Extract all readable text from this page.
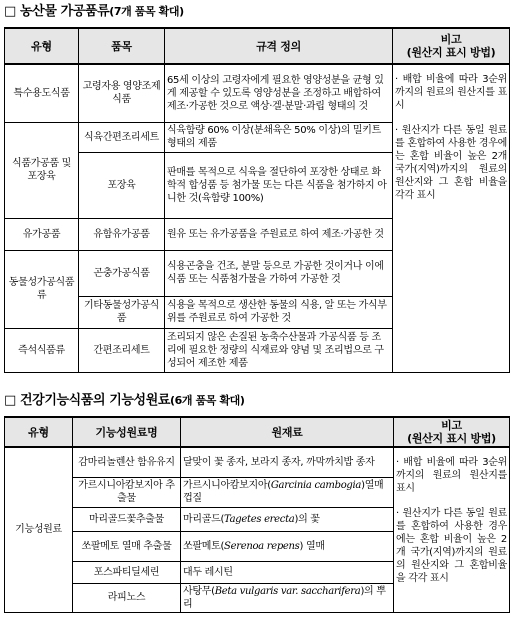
□ 농산물 가공품류(7개 품목 확대)
유형	품목	규격 정의	비고
(원산지 표시 방법)

특수용도식품	고령자용 영양조제식품	65세 이상의 고령자에게 필요한 영양성분을 균형 있게 제공할 수 있도록 영양성분을 조정하고 배합하여 제조·가공한 것으로 액상·겔·분말·과립 형태의 것	· 배합 비율에 따라 3순위까지의 원료의 원산지를 표시

· 원산지가 다른 동일 원료를 혼합하여 사용한 경우에는 혼합 비율이 높은 2개 국가(지역)까지의 원료의 원산지와 그 혼합 비율을 각각 표시

식품가공품 및 포장육	식육간편조리세트	식육함량 60% 이상(분쇄육은 50% 이상)의 밀키트 형태의 제품	
	포장육	판매를 목적으로 식육을 절단하여 포장한 상태로 화학적 합성품 등 첨가물 또는 다른 식품을 첨가하지 아니한 것(육함량 100%)	
유가공품	유함유가공품	원유 또는 유가공품을 주원료로 하여 제조·가공한 것	
동물성가공식품류	곤충가공식품	식용곤충을 건조, 분말 등으로 가공한 것이거나 이에 식품 또는 식품첨가물을 가하여 가공한 것	
	기타동물성가공식품	식용을 목적으로 생산한 동물의 식용, 알 또는 가식부위를 주원료로 하여 가공한 것	
즉석식품류	간편조리세트	조리되지 않은 손질된 농축수산물과 가공식품 등 조리에 필요한 정량의 식재료와 양념 및 조리법으로 구성되어 제조한 제품	
□ 건강기능식품의 기능성원료(6개 품목 확대)
유형	기능성원료명	원재료	비고
(원산지 표시 방법)

기능성원료	감마리놀렌산 함유유지	달맞이 꽃 종자, 보라지 종자, 까막까치밥 종자	· 배합 비율에 따라 3순위까지의 원료의 원산지를 표시

· 원산지가 다른 동일 원료를 혼합하여 사용한 경우에는 혼합 비율이 높은 2개 국가(지역)까지의 원료의 원산지와 그 혼합비율을 각각 표시

	가르시니아캄보지아 추출물	가르시니아캄보지아(Garcinia cambogia)열매 껍질	
	마리골드꽃추출물	마리골드(Tagetes erecta)의 꽃	
	쏘팔메토 열매 추출물	쏘팔메토(Serenoa repens) 열매	
	포스파티딜세린	대두 레시틴	
	라피노스	사탕무(Beta vulgaris var. saccharifera)의 뿌리	
